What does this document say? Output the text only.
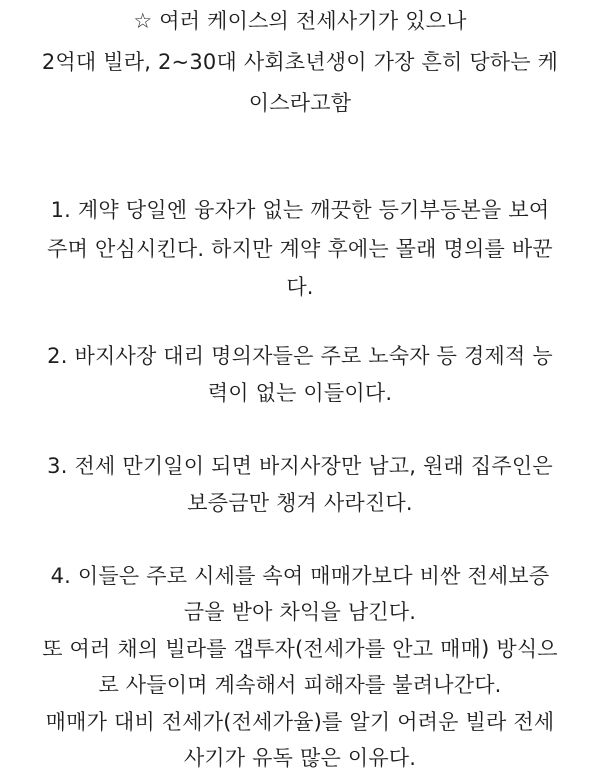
☆ 여러 케이스의 전세사기가 있으나
2억대 빌라, 2~30대 사회초년생이 가장 흔히 당하는 케
이스라고함
1. 계약 당일엔 융자가 없는 깨끗한 등기부등본을 보여
주며 안심시킨다. 하지만 계약 후에는 몰래 명의를 바꾼
다.
2. 바지사장 대리 명의자들은 주로 노숙자 등 경제적 능
력이 없는 이들이다.
3. 전세 만기일이 되면 바지사장만 남고, 원래 집주인은
보증금만 챙겨 사라진다.
4. 이들은 주로 시세를 속여 매매가보다 비싼 전세보증
금을 받아 차익을 남긴다.
또 여러 채의 빌라를 갭투자(전세가를 안고 매매) 방식으
로 사들이며 계속해서 피해자를 불려나간다.
매매가 대비 전세가(전세가율)를 알기 어려운 빌라 전세
사기가 유독 많은 이유다.
